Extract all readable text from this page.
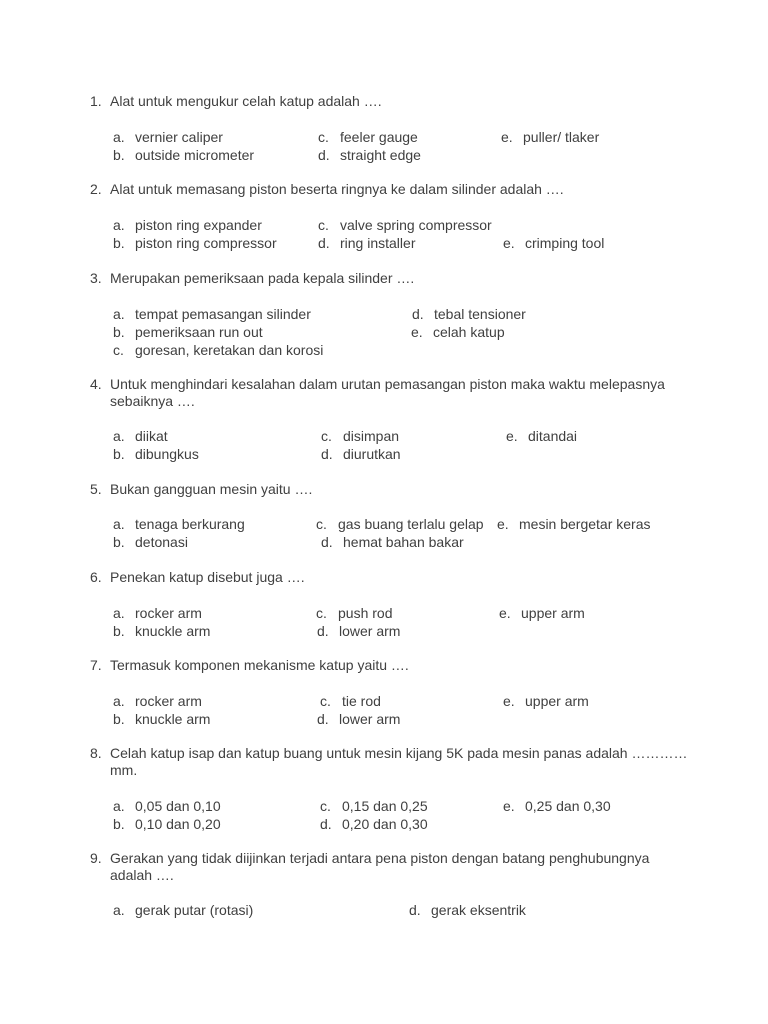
1. Alat untuk mengukur celah katup adalah ….
a. vernier caliper
b. outside micrometer
c. feeler gauge
d. straight edge
e. puller/ tlaker
2. Alat untuk memasang piston beserta ringnya ke dalam silinder adalah ….
a. piston ring expander
b. piston ring compressor
c. valve spring compressor
d. ring installer	e. crimping tool
3. Merupakan pemeriksaan pada kepala silinder ….
a. tempat pemasangan silinder
b. pemeriksaan run out
c. goresan, keretakan dan korosi
d. tebal tensioner
e. celah katup
4. Untuk menghindari kesalahan dalam urutan pemasangan piston maka waktu melepasnya sebaiknya ….
a. diikat
b. dibungkus
c. disimpan
d. diurutkan
e. ditandai
5. Bukan gangguan mesin yaitu ….
a. tenaga berkurang
b. detonasi
c. gas buang terlalu gelap
d. hemat bahan bakar
e. mesin bergetar keras
6. Penekan katup disebut juga ….
a. rocker arm
b. knuckle arm
c. push rod
d. lower arm
e. upper arm
7. Termasuk komponen mekanisme katup yaitu ….
a. rocker arm
b. knuckle arm
c. tie rod
d. lower arm
e. upper arm
8. Celah katup isap dan katup buang untuk mesin kijang 5K pada mesin panas adalah …………mm.
a. 0,05 dan 0,10
b. 0,10 dan 0,20
c. 0,15 dan 0,25
d. 0,20 dan 0,30
e. 0,25 dan 0,30
9. Gerakan yang tidak diijinkan terjadi antara pena piston dengan batang penghubungnya adalah ….
a. gerak putar (rotasi)	d. gerak eksentrik
